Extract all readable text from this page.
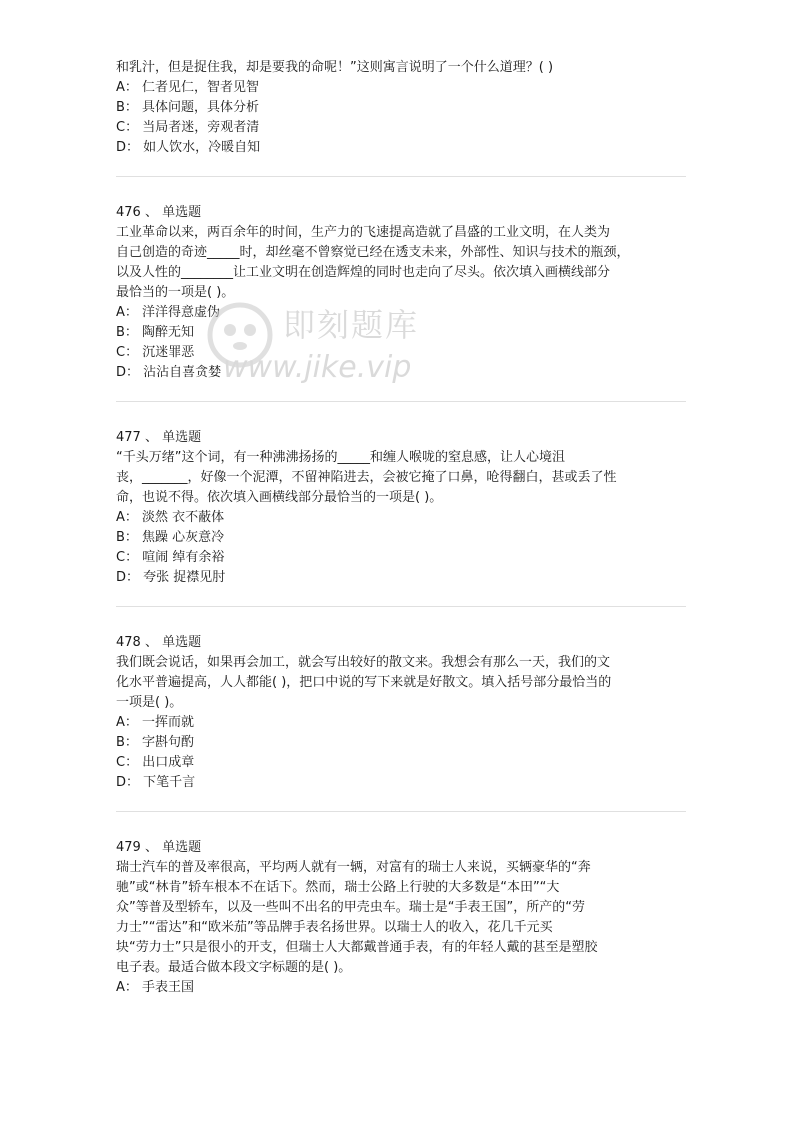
和乳汁，但是捉住我，却是要我的命呢！”这则寓言说明了一个什么道理？( )

A： 仁者见仁，智者见智
B： 具体问题，具体分析
C： 当局者迷，旁观者清
D： 如人饮水，冷暖自知

476 、 单选题

工业革命以来，两百余年的时间，生产力的飞速提高造就了昌盛的工业文明，在人类为
自己创造的奇迹_____时，却丝毫不曾察觉已经在透支未来，外部性、知识与技术的瓶颈，
以及人性的________让工业文明在创造辉煌的同时也走向了尽头。依次填入画横线部分
最恰当的一项是( )。

A： 洋洋得意虚伪
B： 陶醉无知
C： 沉迷罪恶
D： 沾沾自喜贪婪

477 、 单选题

“千头万绪”这个词，有一种沸沸扬扬的_____和缠人喉咙的窒息感，让人心境沮
丧，_______，好像一个泥潭，不留神陷进去，会被它掩了口鼻，呛得翻白，甚或丢了性
命，也说不得。依次填入画横线部分最恰当的一项是( )。

A： 淡然 衣不蔽体
B： 焦躁 心灰意冷
C： 喧闹 绰有余裕
D： 夸张 捉襟见肘

478 、 单选题

我们既会说话，如果再会加工，就会写出较好的散文来。我想会有那么一天，我们的文
化水平普遍提高，人人都能( )，把口中说的写下来就是好散文。填入括号部分最恰当的
一项是( )。

A： 一挥而就
B： 字斟句酌
C： 出口成章
D： 下笔千言

479 、 单选题

瑞士汽车的普及率很高，平均两人就有一辆，对富有的瑞士人来说，买辆豪华的“奔
驰”或“林肯”轿车根本不在话下。然而，瑞士公路上行驶的大多数是“本田”“大
众”等普及型轿车，以及一些叫不出名的甲壳虫车。瑞士是“手表王国”，所产的“劳
力士”“雷达”和“欧米茄”等品牌手表名扬世界。以瑞士人的收入，花几千元买
块“劳力士”只是很小的开支，但瑞士人大都戴普通手表，有的年轻人戴的甚至是塑胶
电子表。最适合做本段文字标题的是( )。

A： 手表王国
即刻题库
www.jike.vip
